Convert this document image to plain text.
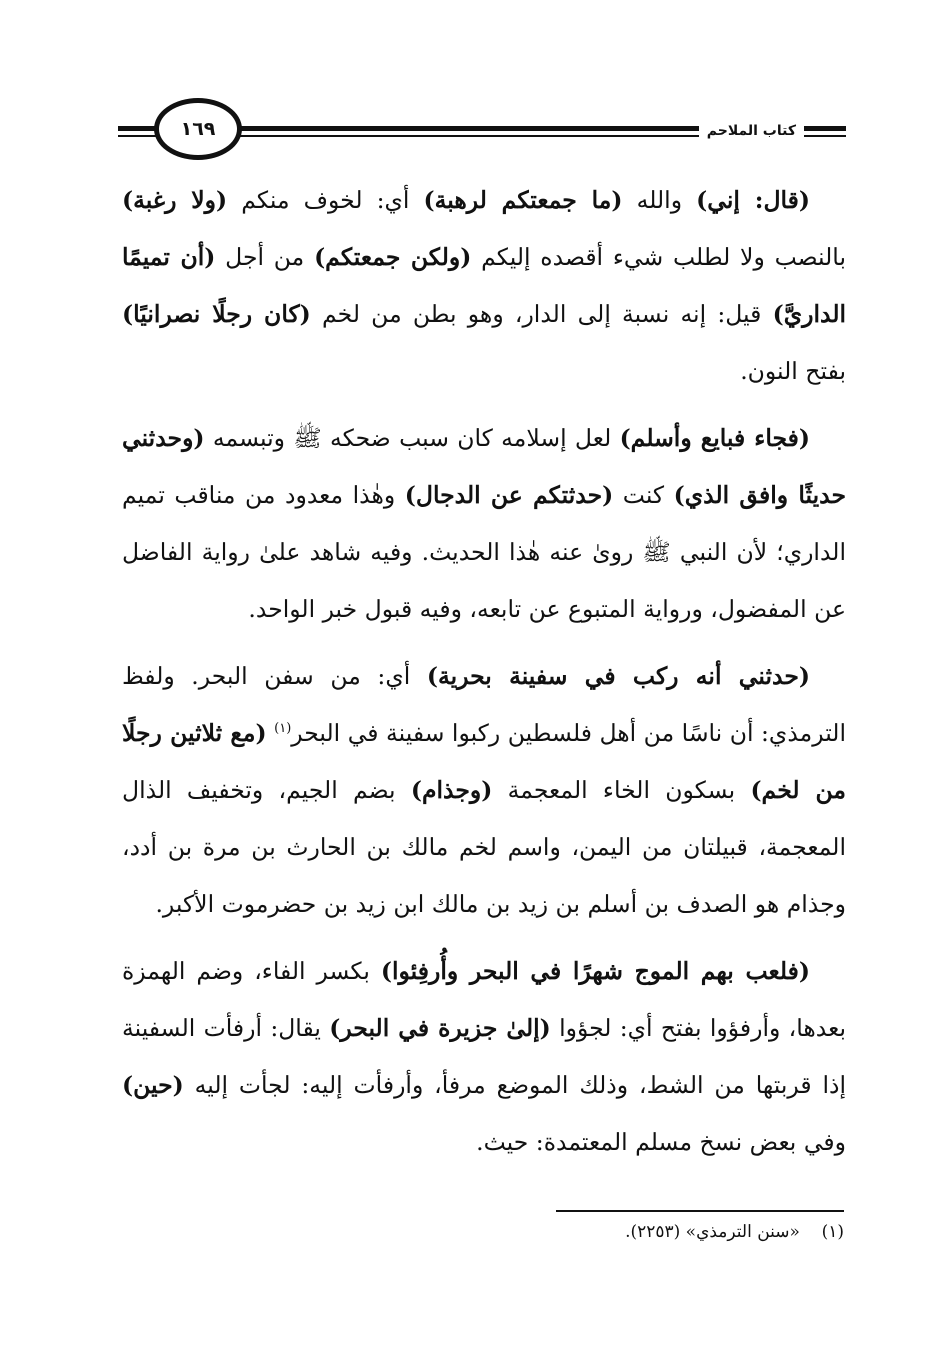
١٦٩	كتاب الملاحم

(قال: إني) والله (ما جمعتكم لرهبة) أي: لخوف منكم (ولا رغبة) بالنصب ولا لطلب شيء أقصده إليكم (ولكن جمعتكم) من أجل (أن تميمًا الداريَّ) قيل: إنه نسبة إلى الدار، وهو بطن من لخم (كان رجلًا نصرانيًا) بفتح النون.

(فجاء فبايع وأسلم) لعل إسلامه كان سبب ضحكه ﷺ وتبسمه (وحدثني حديثًا وافق الذي) كنت (حدثتكم عن الدجال) وهٰذا معدود من مناقب تميم الداري؛ لأن النبي ﷺ روىٰ عنه هٰذا الحديث. وفيه شاهد علىٰ رواية الفاضل عن المفضول، ورواية المتبوع عن تابعه، وفيه قبول خبر الواحد.

(حدثني أنه ركب في سفينة بحرية) أي: من سفن البحر. ولفظ الترمذي: أن ناسًا من أهل فلسطين ركبوا سفينة في البحر$^{(١)}$ (مع ثلاثين رجلًا من لخم) بسكون الخاء المعجمة (وجذام) بضم الجيم، وتخفيف الذال المعجمة، قبيلتان من اليمن، واسم لخم مالك بن الحارث بن مرة بن أدد، وجذام هو الصدف بن أسلم بن زيد بن مالك ابن زيد بن حضرموت الأكبر.

(فلعب بهم الموج شهرًا في البحر وأُرفِئوا) بكسر الفاء، وضم الهمزة بعدها، وأرفؤوا بفتح أي: لجؤوا (إلىٰ جزيرة في البحر) يقال: أرفأت السفينة إذا قربتها من الشط، وذلك الموضع مرفأ، وأرفأت إليه: لجأت إليه (حين) وفي بعض نسخ مسلم المعتمدة: حيث.

(١)    «سنن الترمذي» (٢٢٥٣).
